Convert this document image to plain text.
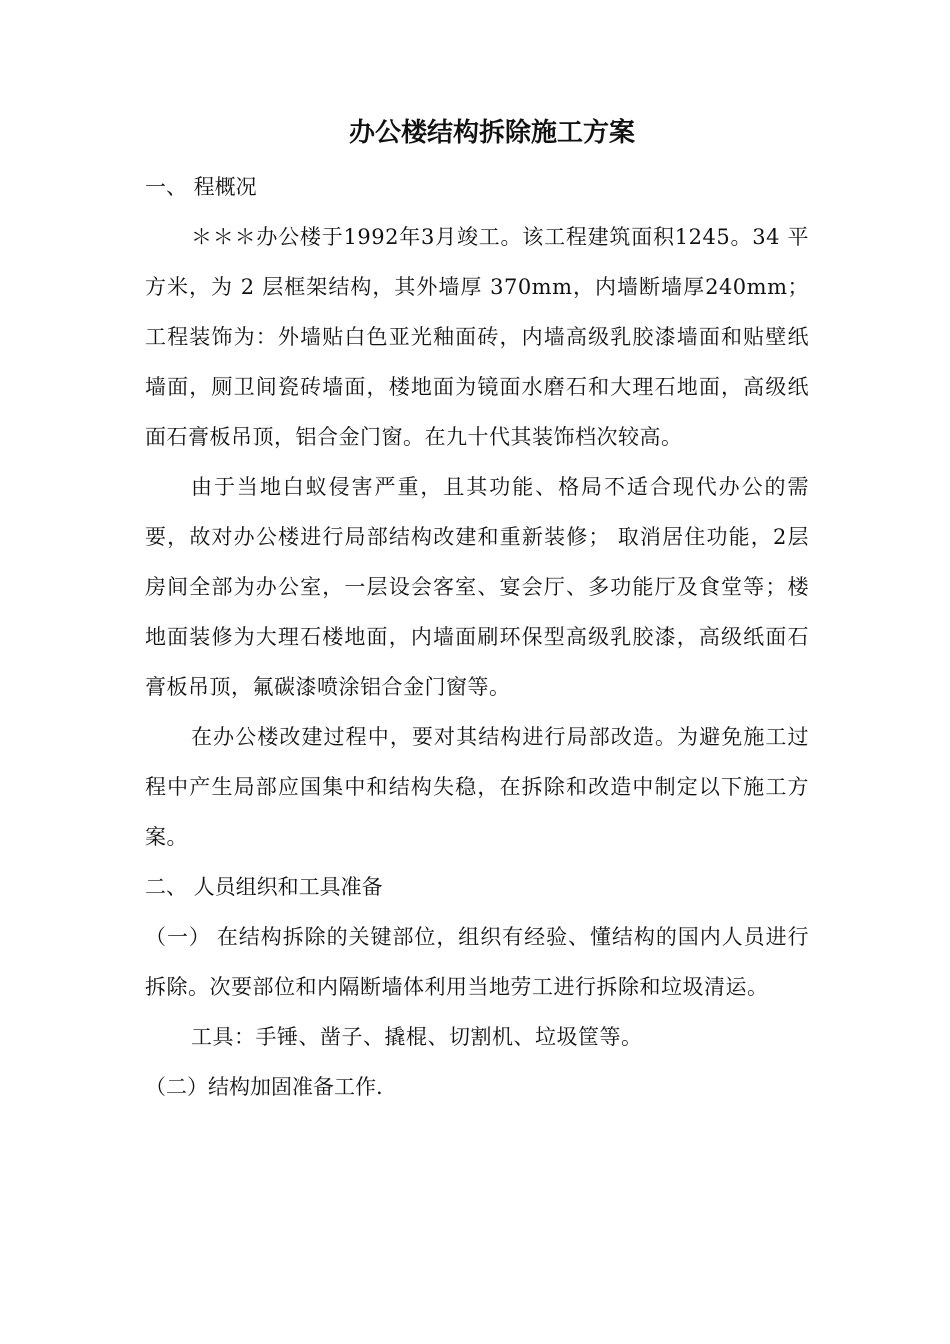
办公楼结构拆除施工方案

一、 程概况

＊＊＊办公楼于1992年3月竣工。该工程建筑面积1245。34 平方米，为 2 层框架结构，其外墙厚 370mm，内墙断墙厚240mm；工程装饰为：外墙贴白色亚光釉面砖，内墙高级乳胶漆墙面和贴壁纸墙面，厕卫间瓷砖墙面，楼地面为镜面水磨石和大理石地面，高级纸面石膏板吊顶，铝合金门窗。在九十代其装饰档次较高。

由于当地白蚁侵害严重，且其功能、格局不适合现代办公的需要，故对办公楼进行局部结构改建和重新装修； 取消居住功能，2层房间全部为办公室，一层设会客室、宴会厅、多功能厅及食堂等；楼地面装修为大理石楼地面，内墙面刷环保型高级乳胶漆，高级纸面石膏板吊顶，氟碳漆喷涂铝合金门窗等。

在办公楼改建过程中，要对其结构进行局部改造。为避免施工过程中产生局部应国集中和结构失稳，在拆除和改造中制定以下施工方案。

二、 人员组织和工具准备

（一） 在结构拆除的关键部位，组织有经验、懂结构的国内人员进行拆除。次要部位和内隔断墙体利用当地劳工进行拆除和垃圾清运。

工具：手锤、凿子、撬棍、切割机、垃圾筐等。

（二）结构加固准备工作.
